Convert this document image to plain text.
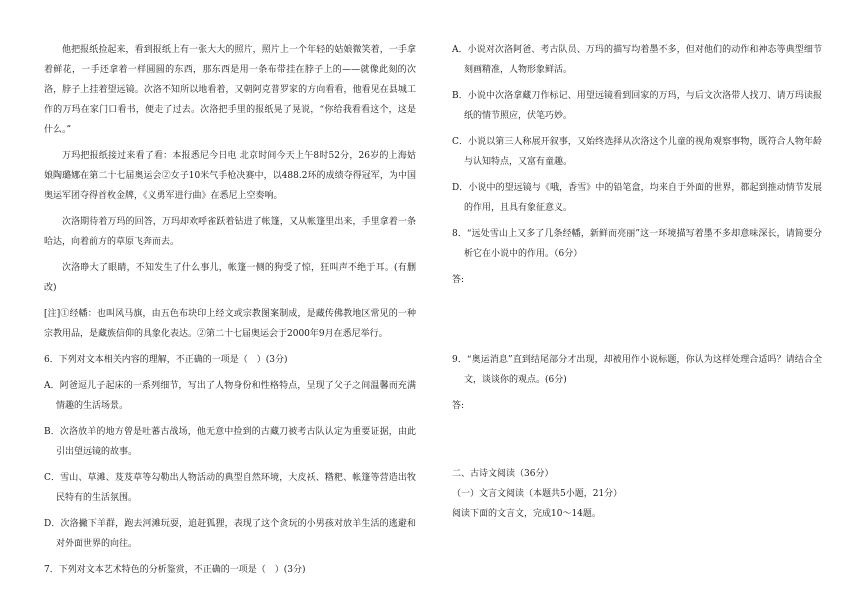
他把报纸捡起来，看到报纸上有一张大大的照片，照片上一个年轻的姑娘微笑着，一手拿着鲜花，一手还拿着一样圆圆的东西，那东西是用一条布带挂在脖子上的——就像此刻的次洛，脖子上挂着望远镜。次洛不知所以地看着，又朝阿克普罗家的方向看看，他看见在县城工作的万玛在家门口看书，便走了过去。次洛把手里的报纸晃了晃说，“你给我看看这个，这是什么。”

万玛把报纸接过来看了看：本报悉尼今日电 北京时间今天上午8时52分，26岁的上海姑娘陶璐娜在第二十七届奥运会②女子10米气手枪决赛中，以488.2环的成绩夺得冠军，为中国奥运军团夺得首枚金牌，《义勇军进行曲》在悉尼上空奏响。

次洛期待着万玛的回答，万玛却欢呼雀跃着钻进了帐篷，又从帐篷里出来，手里拿着一条哈达，向着前方的草原飞奔而去。

次洛睁大了眼睛，不知发生了什么事儿，帐篷一侧的狗受了惊，狂叫声不绝于耳。(有删改)

[注]①经幡：也叫风马旗，由五色布块印上经文或宗教图案制成，是藏传佛教地区常见的一种宗教用品，是藏族信仰的具象化表达。②第二十七届奥运会于2000年9月在悉尼举行。

6．下列对文本相关内容的理解，不正确的一项是（　）(3分)

A．阿爸逗儿子起床的一系列细节，写出了人物身份和性格特点，呈现了父子之间温馨而充满情趣的生活场景。

B．次洛放羊的地方曾是吐蕃古战场，他无意中捡到的古藏刀被考古队认定为重要证据，由此引出望远镜的故事。

C．雪山、草滩、芨芨草等勾勒出人物活动的典型自然环境，大皮袄、糌粑、帐篷等营造出牧民特有的生活氛围。

D．次洛撇下羊群，跑去河滩玩耍，追赶狐狸，表现了这个贪玩的小男孩对放羊生活的逃避和对外面世界的向往。

7．下列对文本艺术特色的分析鉴赏，不正确的一项是（　）(3分)

A．小说对次洛阿爸、考古队员、万玛的描写均着墨不多，但对他们的动作和神态等典型细节刻画精准，人物形象鲜活。

B．小说中次洛拿藏刀作标记、用望远镜看到回家的万玛，与后文次洛带人找刀、请万玛读报纸的情节照应，伏笔巧妙。

C．小说以第三人称展开叙事，又始终选择从次洛这个儿童的视角观察事物，既符合人物年龄与认知特点，又富有童趣。

D．小说中的望远镜与《哦，香雪》中的铅笔盒，均来自于外面的世界，都起到推动情节发展的作用，且具有象征意义。

8．“远处雪山上又多了几条经幡，新鲜而亮丽”这一环境描写着墨不多却意味深长，请简要分析它在小说中的作用。（6分）

答:

9．“奥运消息”直到结尾部分才出现，却被用作小说标题，你认为这样处理合适吗？请结合全文，谈谈你的观点。(6分)

答:

二、古诗文阅读（36分）

（一）文言文阅读（本题共5小题，21分）

阅读下面的文言文，完成10～14题。
